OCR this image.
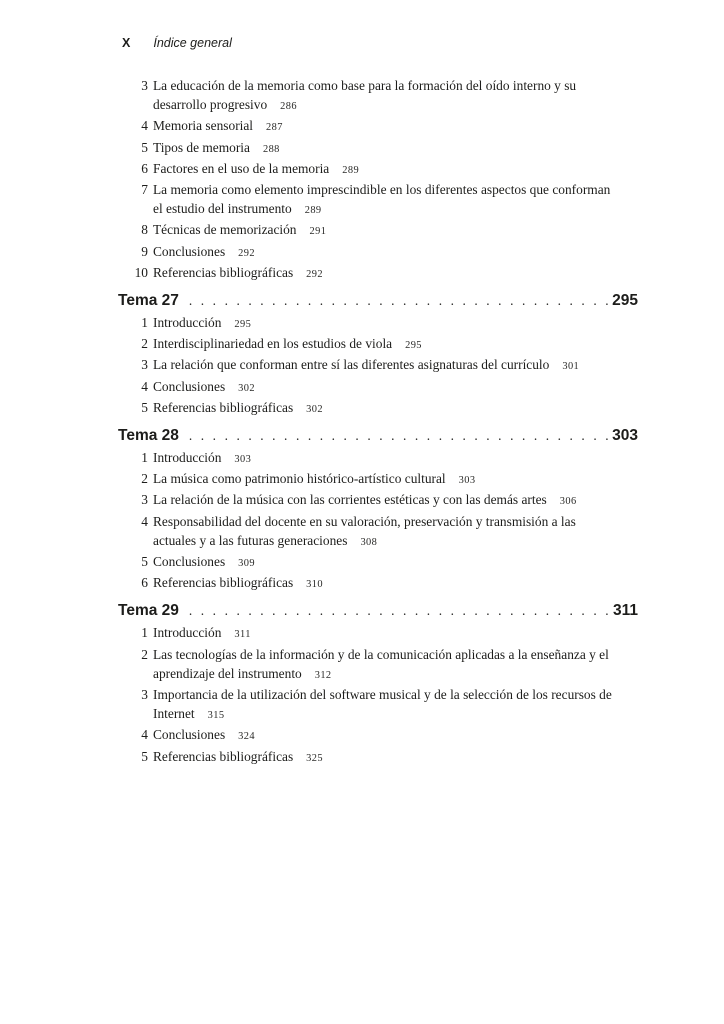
X Índice general
3 La educación de la memoria como base para la formación del oído interno y su
desarrollo progresivo 286
4 Memoria sensorial 287
5 Tipos de memoria 288
6 Factores en el uso de la memoria 289
7 La memoria como elemento imprescindible en los diferentes aspectos que conforman
el estudio del instrumento 289
8 Técnicas de memorización 291
9 Conclusiones 292
10 Referencias bibliográficas 292
Tema 27 . . .	295
1 Introducción 295
2 Interdisciplinariedad en los estudios de viola 295
3 La relación que conforman entre sí las diferentes asignaturas del currículo 301
4 Conclusiones 302
5 Referencias bibliográficas 302
Tema 28 . . .	303
1 Introducción 303
2 La música como patrimonio histórico-artístico cultural 303
3 La relación de la música con las corrientes estéticas y con las demás artes 306
4 Responsabilidad del docente en su valoración, preservación y transmisión a las
actuales y a las futuras generaciones 308
5 Conclusiones 309
6 Referencias bibliográficas 310
Tema 29 . . .	311
1 Introducción 311
2 Las tecnologías de la información y de la comunicación aplicadas a la enseñanza y el
aprendizaje del instrumento 312
3 Importancia de la utilización del software musical y de la selección de los recursos de
Internet 315
4 Conclusiones 324
5 Referencias bibliográficas 325
